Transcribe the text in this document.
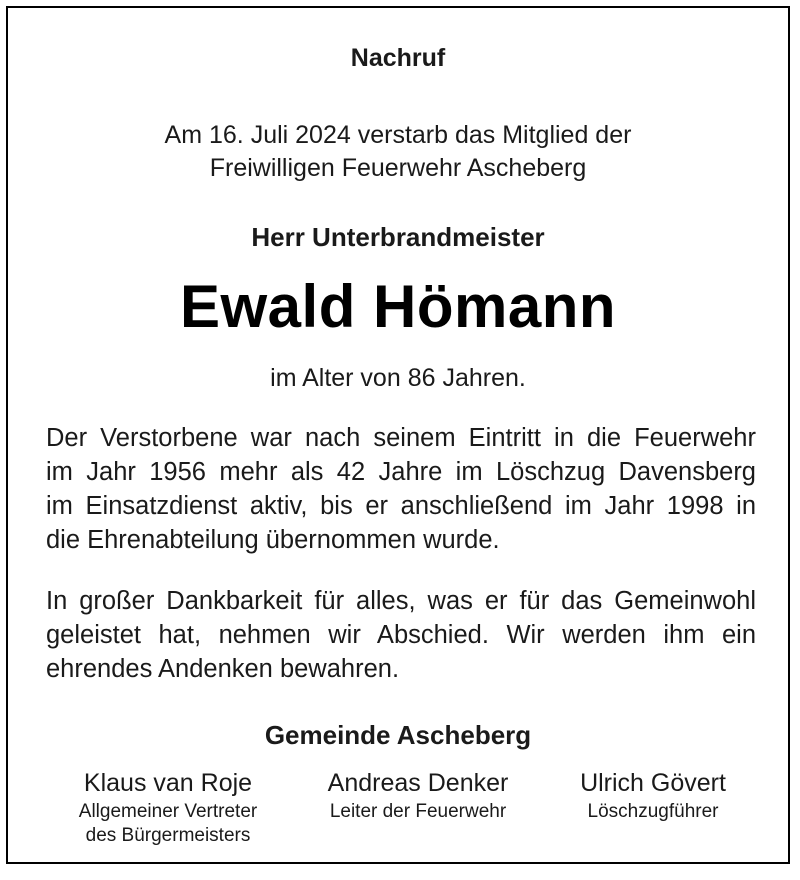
Nachruf
Am 16. Juli 2024 verstarb das Mitglied der
Freiwilligen Feuerwehr Ascheberg
Herr Unterbrandmeister
Ewald Hömann
im Alter von 86 Jahren.
Der Verstorbene war nach seinem Eintritt in die Feuerwehr
im Jahr 1956 mehr als 42 Jahre im Löschzug Davensberg
im Einsatzdienst aktiv, bis er anschließend im Jahr 1998 in
die Ehrenabteilung übernommen wurde.
In großer Dankbarkeit für alles, was er für das Gemeinwohl
geleistet hat, nehmen wir Abschied. Wir werden ihm ein
ehrendes Andenken bewahren.
Gemeinde Ascheberg
Klaus van Roje
Allgemeiner Vertreter
des Bürgermeisters
Andreas Denker
Leiter der Feuerwehr
Ulrich Gövert
Löschzugführer
